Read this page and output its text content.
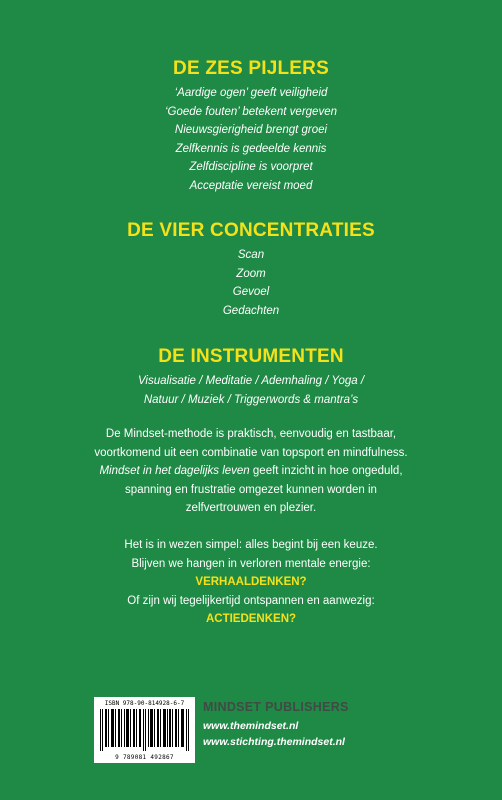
DE ZES PIJLERS

‘Aardige ogen’ geeft veiligheid

‘Goede fouten’ betekent vergeven

Nieuwsgierigheid brengt groei

Zelfkennis is gedeelde kennis

Zelfdiscipline is voorpret

Acceptatie vereist moed

DE VIER CONCENTRATIES

Scan

Zoom

Gevoel

Gedachten

DE INSTRUMENTEN

Visualisatie / Meditatie / Ademhaling / Yoga /

Natuur / Muziek / Triggerwords & mantra’s

De Mindset-methode is praktisch, eenvoudig en tastbaar,

voortkomend uit een combinatie van topsport en mindfulness.

Mindset in het dagelijks leven geeft inzicht in hoe ongeduld,

spanning en frustratie omgezet kunnen worden in

zelfvertrouwen en plezier.

Het is in wezen simpel: alles begint bij een keuze.

Blijven we hangen in verloren mentale energie:

VERHAALDENKEN?

Of zijn wij tegelijkertijd ontspannen en aanwezig:

ACTIEDENKEN?

ISBN 978-90-814928-6-7
9 789081 492867

MINDSET PUBLISHERS

www.themindset.nl

www.stichting.themindset.nl
